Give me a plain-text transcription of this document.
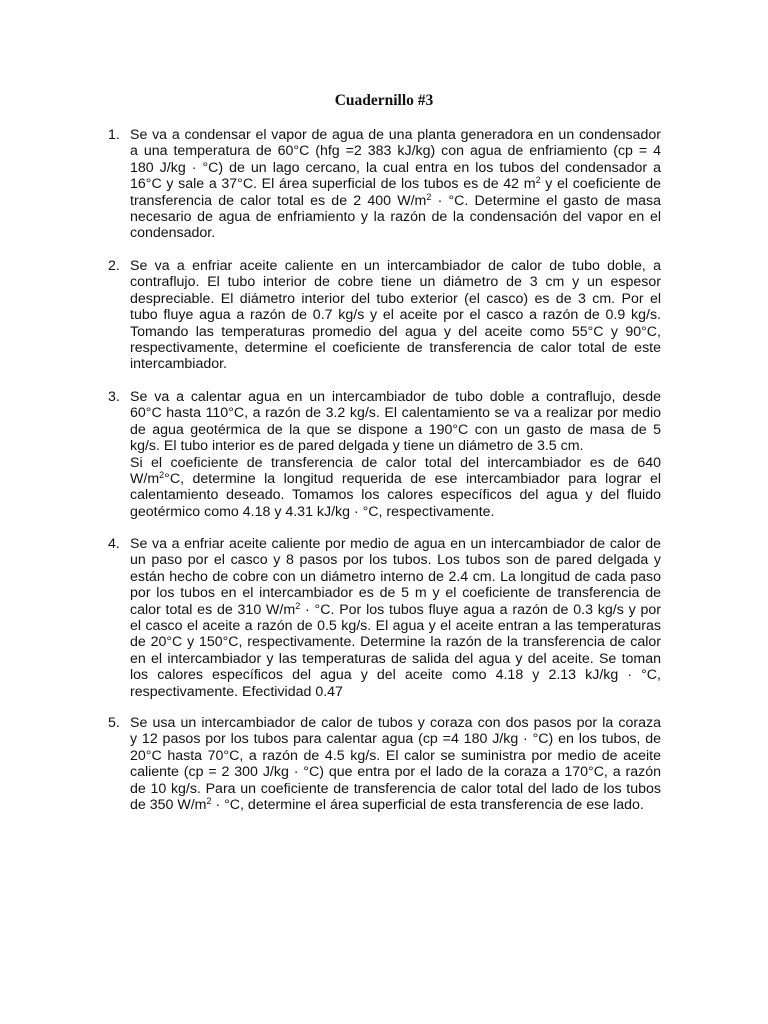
Cuadernillo #3
1. Se va a condensar el vapor de agua de una planta generadora en un condensador
a una temperatura de 60°C (hfg =2 383 kJ/kg) con agua de enfriamiento (cp = 4
180 J/kg · °C) de un lago cercano, la cual entra en los tubos del condensador a
16°C y sale a 37°C. El área superficial de los tubos es de 42 $m^2$ y el coeficiente de
transferencia de calor total es de 2 400 $W/m^2 \cdot ^\circ C$. Determine el gasto de masa
necesario de agua de enfriamiento y la razón de la condensación del vapor en el
condensador.
2. Se va a enfriar aceite caliente en un intercambiador de calor de tubo doble, a
contraflujo. El tubo interior de cobre tiene un diámetro de 3 cm y un espesor
despreciable. El diámetro interior del tubo exterior (el casco) es de 3 cm. Por el
tubo fluye agua a razón de 0.7 kg/s y el aceite por el casco a razón de 0.9 kg/s.
Tomando las temperaturas promedio del agua y del aceite como 55°C y 90°C,
respectivamente, determine el coeficiente de transferencia de calor total de este
intercambiador.
3. Se va a calentar agua en un intercambiador de tubo doble a contraflujo, desde
60°C hasta 110°C, a razón de 3.2 kg/s. El calentamiento se va a realizar por medio
de agua geotérmica de la que se dispone a 190°C con un gasto de masa de 5
kg/s. El tubo interior es de pared delgada y tiene un diámetro de 3.5 cm.
Si el coeficiente de transferencia de calor total del intercambiador es de 640
$W/m^2^\circ C$, determine la longitud requerida de ese intercambiador para lograr el
calentamiento deseado. Tomamos los calores específicos del agua y del fluido
geotérmico como 4.18 y 4.31 kJ/kg · °C, respectivamente.
4. Se va a enfriar aceite caliente por medio de agua en un intercambiador de calor de
un paso por el casco y 8 pasos por los tubos. Los tubos son de pared delgada y
están hecho de cobre con un diámetro interno de 2.4 cm. La longitud de cada paso
por los tubos en el intercambiador es de 5 m y el coeficiente de transferencia de
calor total es de 310 $W/m^2 \cdot ^\circ C$. Por los tubos fluye agua a razón de 0.3 kg/s y por
el casco el aceite a razón de 0.5 kg/s. El agua y el aceite entran a las temperaturas
de 20°C y 150°C, respectivamente. Determine la razón de la transferencia de calor
en el intercambiador y las temperaturas de salida del agua y del aceite. Se toman
los calores específicos del agua y del aceite como 4.18 y 2.13 kJ/kg · °C,
respectivamente. Efectividad 0.47
5. Se usa un intercambiador de calor de tubos y coraza con dos pasos por la coraza
y 12 pasos por los tubos para calentar agua (cp =4 180 J/kg · °C) en los tubos, de
20°C hasta 70°C, a razón de 4.5 kg/s. El calor se suministra por medio de aceite
caliente (cp = 2 300 J/kg · °C) que entra por el lado de la coraza a 170°C, a razón
de 10 kg/s. Para un coeficiente de transferencia de calor total del lado de los tubos
de 350 $W/m^2 \cdot ^\circ C$, determine el área superficial de esta transferencia de ese lado.
